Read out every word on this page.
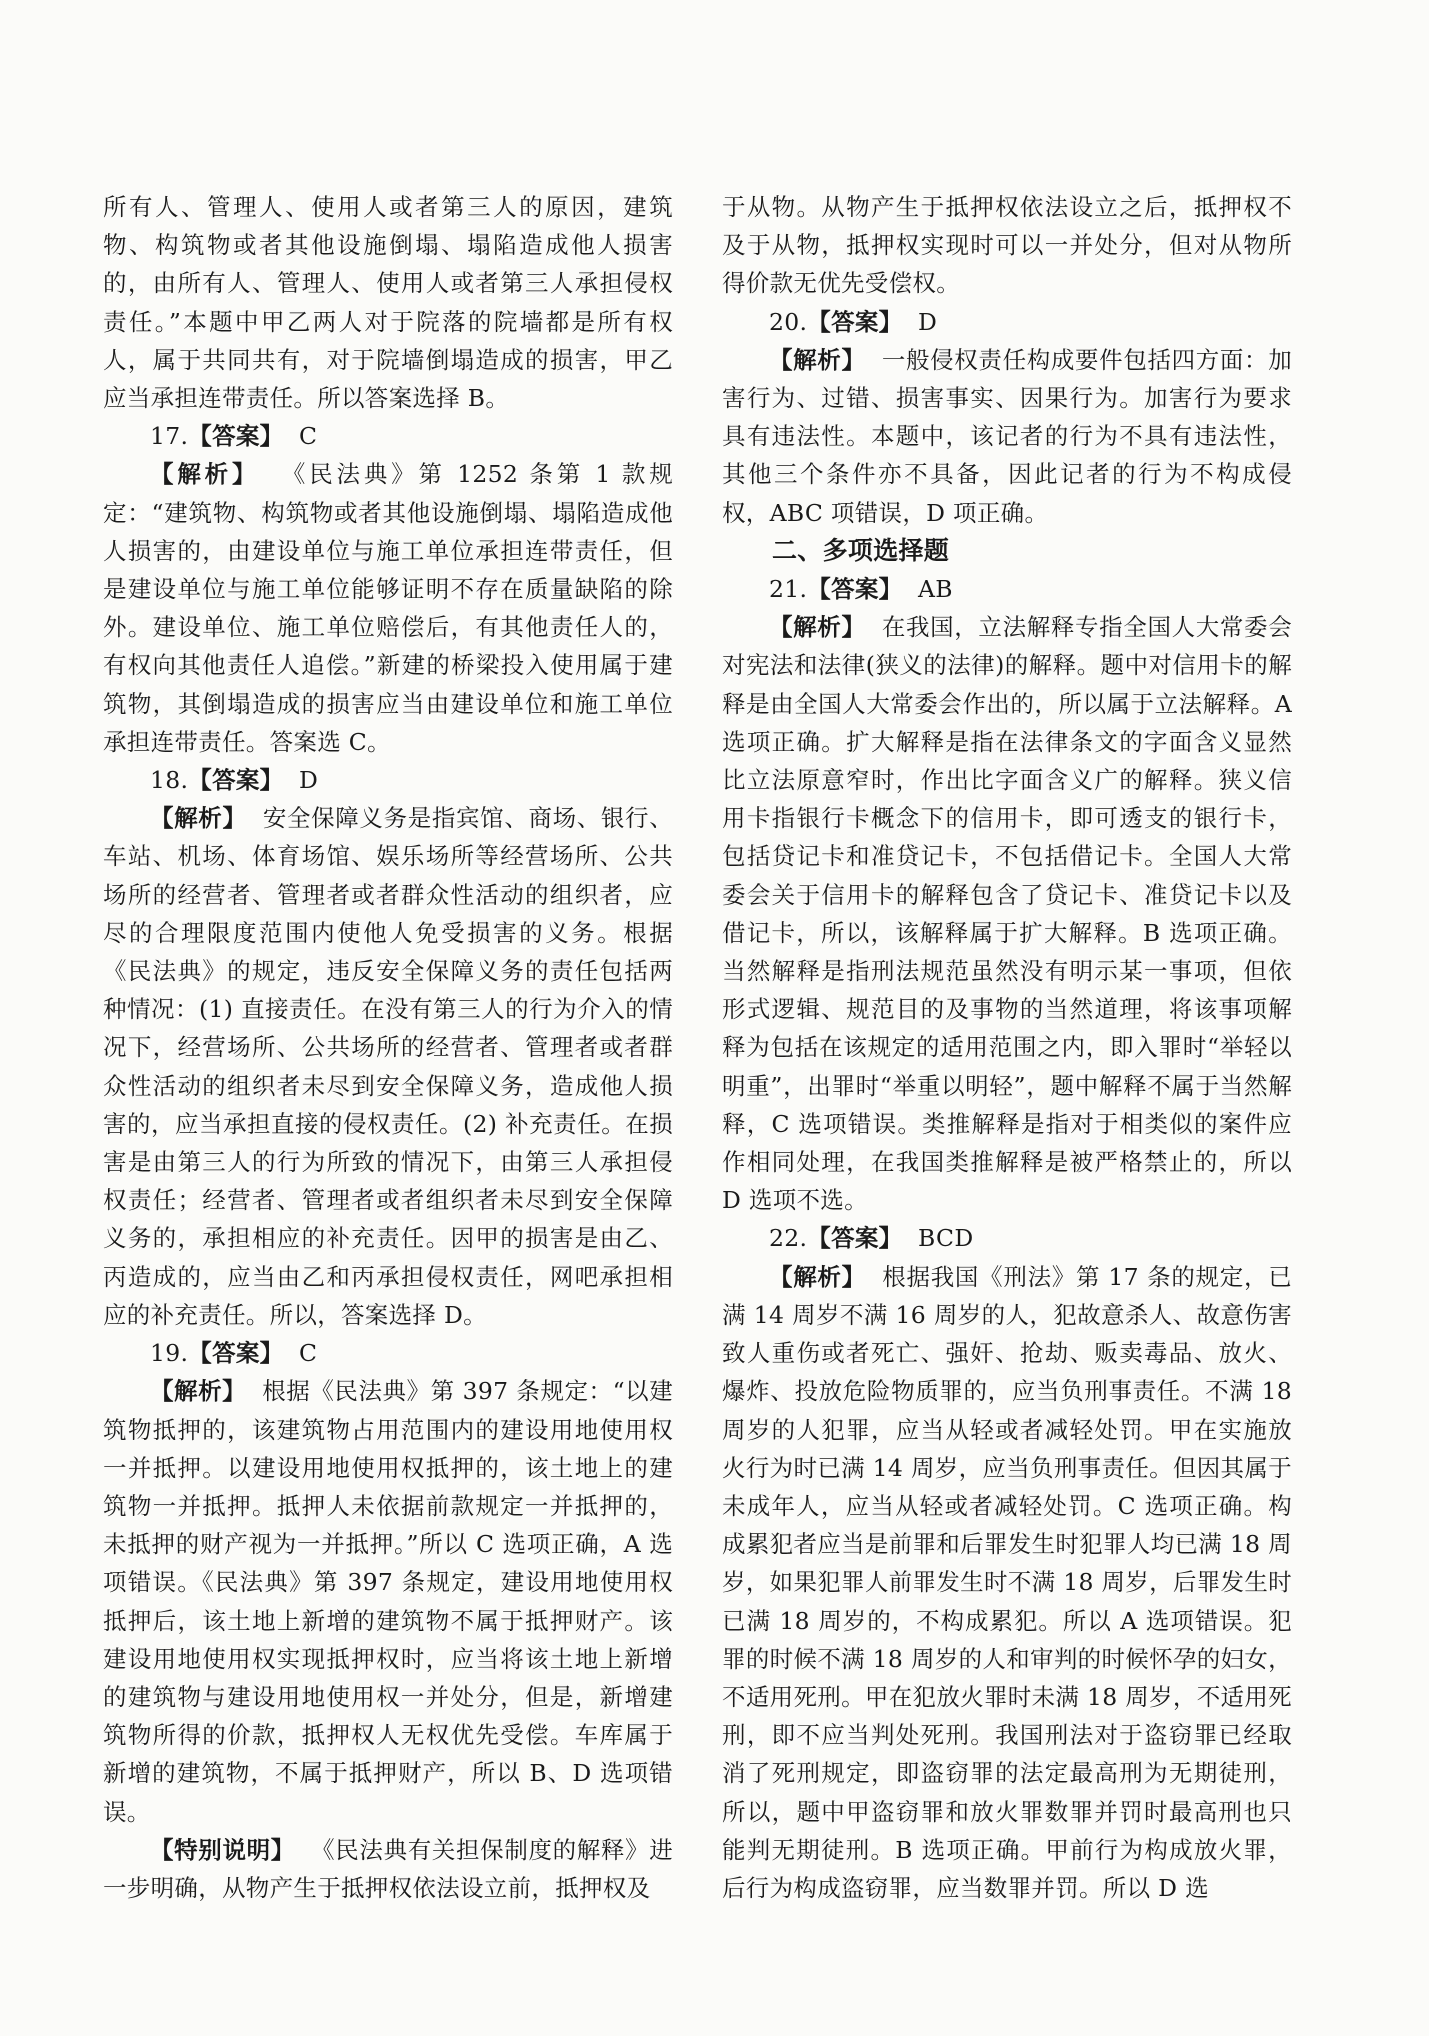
所有人、管理人、使用人或者第三人的原因，建筑物、构筑物或者其他设施倒塌、塌陷造成他人损害的，由所有人、管理人、使用人或者第三人承担侵权责任。”本题中甲乙两人对于院落的院墙都是所有权人，属于共同共有，对于院墙倒塌造成的损害，甲乙应当承担连带责任。所以答案选择 B。

17.【答案】 C

【解析】 《民法典》第 1252 条第 1 款规定：“建筑物、构筑物或者其他设施倒塌、塌陷造成他人损害的，由建设单位与施工单位承担连带责任，但是建设单位与施工单位能够证明不存在质量缺陷的除外。建设单位、施工单位赔偿后，有其他责任人的，有权向其他责任人追偿。”新建的桥梁投入使用属于建筑物，其倒塌造成的损害应当由建设单位和施工单位承担连带责任。答案选 C。

18.【答案】 D

【解析】 安全保障义务是指宾馆、商场、银行、车站、机场、体育场馆、娱乐场所等经营场所、公共场所的经营者、管理者或者群众性活动的组织者，应尽的合理限度范围内使他人免受损害的义务。根据《民法典》的规定，违反安全保障义务的责任包括两种情况：(1) 直接责任。在没有第三人的行为介入的情况下，经营场所、公共场所的经营者、管理者或者群众性活动的组织者未尽到安全保障义务，造成他人损害的，应当承担直接的侵权责任。(2) 补充责任。在损害是由第三人的行为所致的情况下，由第三人承担侵权责任；经营者、管理者或者组织者未尽到安全保障义务的，承担相应的补充责任。因甲的损害是由乙、丙造成的，应当由乙和丙承担侵权责任，网吧承担相应的补充责任。所以，答案选择 D。

19.【答案】 C

【解析】 根据《民法典》第 397 条规定：“以建筑物抵押的，该建筑物占用范围内的建设用地使用权一并抵押。以建设用地使用权抵押的，该土地上的建筑物一并抵押。抵押人未依据前款规定一并抵押的，未抵押的财产视为一并抵押。”所以 C 选项正确，A 选项错误。《民法典》第 397 条规定，建设用地使用权抵押后，该土地上新增的建筑物不属于抵押财产。该建设用地使用权实现抵押权时，应当将该土地上新增的建筑物与建设用地使用权一并处分，但是，新增建筑物所得的价款，抵押权人无权优先受偿。车库属于新增的建筑物，不属于抵押财产，所以 B、D 选项错误。

【特别说明】 《民法典有关担保制度的解释》进一步明确，从物产生于抵押权依法设立前，抵押权及

于从物。从物产生于抵押权依法设立之后，抵押权不及于从物，抵押权实现时可以一并处分，但对从物所得价款无优先受偿权。

20.【答案】 D

【解析】 一般侵权责任构成要件包括四方面：加害行为、过错、损害事实、因果行为。加害行为要求具有违法性。本题中，该记者的行为不具有违法性，其他三个条件亦不具备，因此记者的行为不构成侵权，ABC 项错误，D 项正确。

二、多项选择题

21.【答案】 AB

【解析】 在我国，立法解释专指全国人大常委会对宪法和法律(狭义的法律)的解释。题中对信用卡的解释是由全国人大常委会作出的，所以属于立法解释。A 选项正确。扩大解释是指在法律条文的字面含义显然比立法原意窄时，作出比字面含义广的解释。狭义信用卡指银行卡概念下的信用卡，即可透支的银行卡，包括贷记卡和准贷记卡，不包括借记卡。全国人大常委会关于信用卡的解释包含了贷记卡、准贷记卡以及借记卡，所以，该解释属于扩大解释。B 选项正确。当然解释是指刑法规范虽然没有明示某一事项，但依形式逻辑、规范目的及事物的当然道理，将该事项解释为包括在该规定的适用范围之内，即入罪时“举轻以明重”，出罪时“举重以明轻”，题中解释不属于当然解释，C 选项错误。类推解释是指对于相类似的案件应作相同处理，在我国类推解释是被严格禁止的，所以 D 选项不选。

22.【答案】 BCD

【解析】 根据我国《刑法》第 17 条的规定，已满 14 周岁不满 16 周岁的人，犯故意杀人、故意伤害致人重伤或者死亡、强奸、抢劫、贩卖毒品、放火、爆炸、投放危险物质罪的，应当负刑事责任。不满 18 周岁的人犯罪，应当从轻或者减轻处罚。甲在实施放火行为时已满 14 周岁，应当负刑事责任。但因其属于未成年人，应当从轻或者减轻处罚。C 选项正确。构成累犯者应当是前罪和后罪发生时犯罪人均已满 18 周岁，如果犯罪人前罪发生时不满 18 周岁，后罪发生时已满 18 周岁的，不构成累犯。所以 A 选项错误。犯罪的时候不满 18 周岁的人和审判的时候怀孕的妇女，不适用死刑。甲在犯放火罪时未满 18 周岁，不适用死刑，即不应当判处死刑。我国刑法对于盗窃罪已经取消了死刑规定，即盗窃罪的法定最高刑为无期徒刑，所以，题中甲盗窃罪和放火罪数罪并罚时最高刑也只能判无期徒刑。B 选项正确。甲前行为构成放火罪，后行为构成盗窃罪，应当数罪并罚。所以 D 选
